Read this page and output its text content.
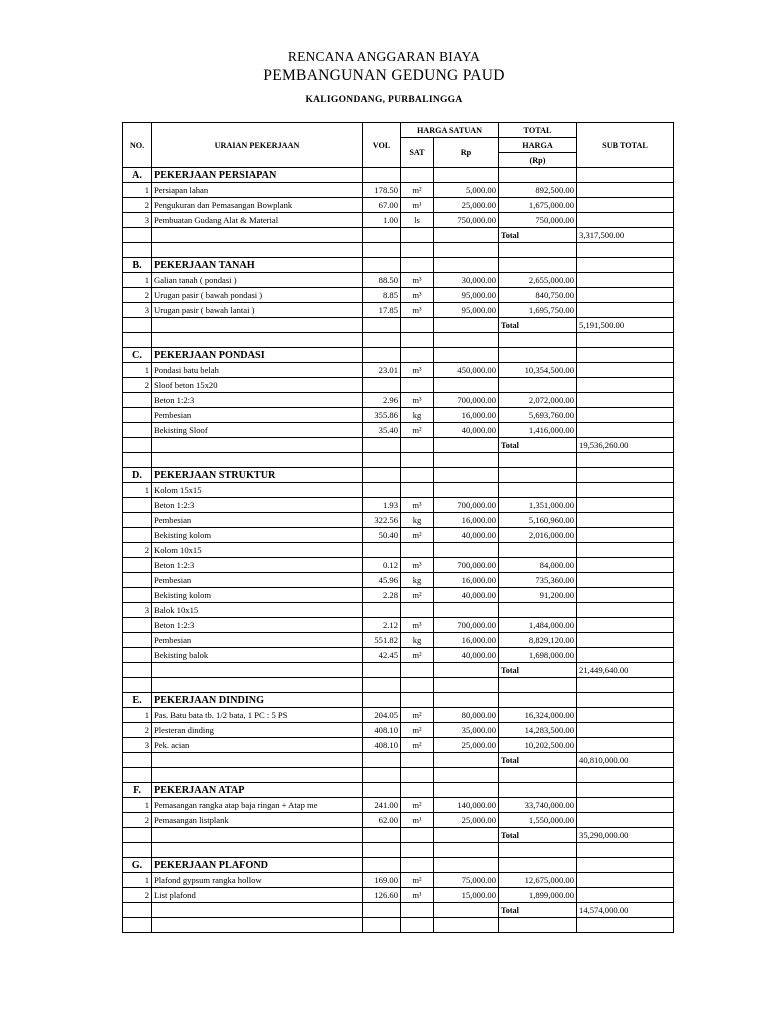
RENCANA ANGGARAN BIAYA
PEMBANGUNAN GEDUNG PAUD
KALIGONDANG, PURBALINGGA
NO.	URAIAN PEKERJAAN	VOL	HARGA SATUAN		TOTAL	SUB TOTAL
			SAT	Rp	HARGA	
					(Rp)	
A.	PEKERJAAN PERSIAPAN					
1	Persiapan lahan	178.50	m²	5,000.00	892,500.00	
2	Pengukuran dan Pemasangan Bowplank	67.00	m¹	25,000.00	1,675,000.00	
3	Pembuatan Gudang Alat & Material	1.00	ls	750,000.00	750,000.00	
					Total	3,317,500.00

B.	PEKERJAAN TANAH					
1	Galian tanah ( pondasi )	88.50	m³	30,000.00	2,655,000.00	
2	Urugan pasir ( bawah pondasi )	8.85	m³	95,000.00	840,750.00	
3	Urugan pasir ( bawah lantai )	17.85	m³	95,000.00	1,695,750.00	
					Total	5,191,500.00

C.	PEKERJAAN PONDASI					
1	Pondasi batu belah	23.01	m³	450,000.00	10,354,500.00	
2	Sloof beton 15x20					
	Beton 1:2:3	2.96	m³	700,000.00	2,072,000.00	
	Pembesian	355.86	kg	16,000.00	5,693,760.00	
	Bekisting Sloof	35.40	m²	40,000.00	1,416,000.00	
					Total	19,536,260.00

D.	PEKERJAAN STRUKTUR					
1	Kolom 15x15					
	Beton 1:2:3	1.93	m³	700,000.00	1,351,000.00	
	Pembesian	322.56	kg	16,000.00	5,160,960.00	
	Bekisting kolom	50.40	m²	40,000.00	2,016,000.00	
2	Kolom 10x15					
	Beton 1:2:3	0.12	m³	700,000.00	84,000.00	
	Pembesian	45.96	kg	16,000.00	735,360.00	
	Bekisting kolom	2.28	m²	40,000.00	91,200.00	
3	Balok 10x15					
	Beton 1:2:3	2.12	m³	700,000.00	1,484,000.00	
	Pembesian	551.82	kg	16,000.00	8,829,120.00	
	Bekisting balok	42.45	m²	40,000.00	1,698,000.00	
					Total	21,449,640.00

E.	PEKERJAAN DINDING					
1	Pas. Batu bata tb. 1/2 bata, 1 PC : 5 PS	204.05	m²	80,000.00	16,324,000.00	
2	Plesteran dinding	408.10	m²	35,000.00	14,283,500.00	
3	Pek. acian	408.10	m²	25,000.00	10,202,500.00	
					Total	40,810,000.00

F.	PEKERJAAN ATAP					
1	Pemasangan rangka atap baja ringan + Atap me	241.00	m²	140,000.00	33,740,000.00	
2	Pemasangan listplank	62.00	m¹	25,000.00	1,550,000.00	
					Total	35,290,000.00

G.	PEKERJAAN PLAFOND					
1	Plafond gypsum rangka hollow	169.00	m²	75,000.00	12,675,000.00	
2	List plafond	126.60	m¹	15,000.00	1,899,000.00	
					Total	14,574,000.00
